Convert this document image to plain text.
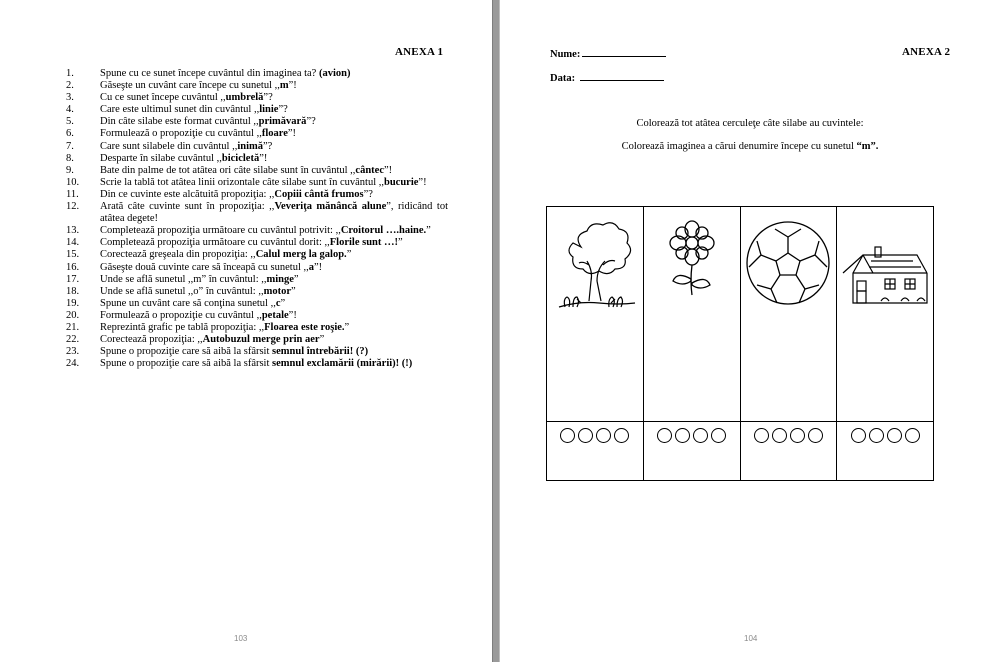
ANEXA 1
1.	Spune cu ce sunet începe cuvântul din imaginea ta? (avion)
2.	Găseşte un cuvânt care începe cu sunetul ,,m”!
3.	Cu ce sunet începe cuvântul ,,umbrelă”?
4.	Care este ultimul sunet din cuvântul ,,linie”?
5.	Din câte silabe este format cuvântul ,,primăvară”?
6.	Formulează o propoziţie cu cuvântul ,,floare”!
7.	Care sunt silabele din cuvântul ,,inimă”?
8.	Desparte în silabe cuvântul ,,bicicletă”!
9.	Bate din palme de tot atâtea ori câte silabe sunt în cuvântul ,,cântec”!
10.	Scrie la tablă tot atâtea linii orizontale câte silabe sunt în cuvântul ,,bucurie”!
11.	Din ce cuvinte este alcătuită propoziţia: ,,Copiii cântă frumos”?
12.	Arată câte cuvinte sunt în propoziţia: ,,Veveriţa mănâncă alune”, ridicând tot atâtea degete!
13.	Completează propoziţia următoare cu cuvântul potrivit: ,,Croitorul ….haine.”
14.	Completează propoziţia următoare cu cuvântul dorit: ,,Florile sunt …!”
15.	Corectează greşeala din propoziţia: ,,Calul merg la galop.”
16.	Găseşte două cuvinte care să înceapă cu sunetul ,,a”!
17.	Unde se află sunetul ,,m” în cuvântul: ,,minge”
18.	Unde se află sunetul ,,o” în cuvântul: ,,motor”
19.	Spune un cuvânt care să conţina sunetul ,,c”
20.	Formulează o propoziţie cu cuvântul ,,petale”!
21.	Reprezintă grafic pe tablă propoziţia: ,,Floarea este roşie.”
22.	Corectează propoziţia: ,,Autobuzul merge prin aer”
23.	Spune o propoziţie care să aibă la sfârsit semnul întrebării! (?)
24.	Spune o propoziţie care să aibă la sfârsit semnul exclamării (mirării)! (!)
103
Nume:
Data:
ANEXA 2
Colorează tot atâtea cerculeţe câte silabe au cuvintele:
Colorează imaginea a cărui denumire începe cu sunetul “m”.
104
